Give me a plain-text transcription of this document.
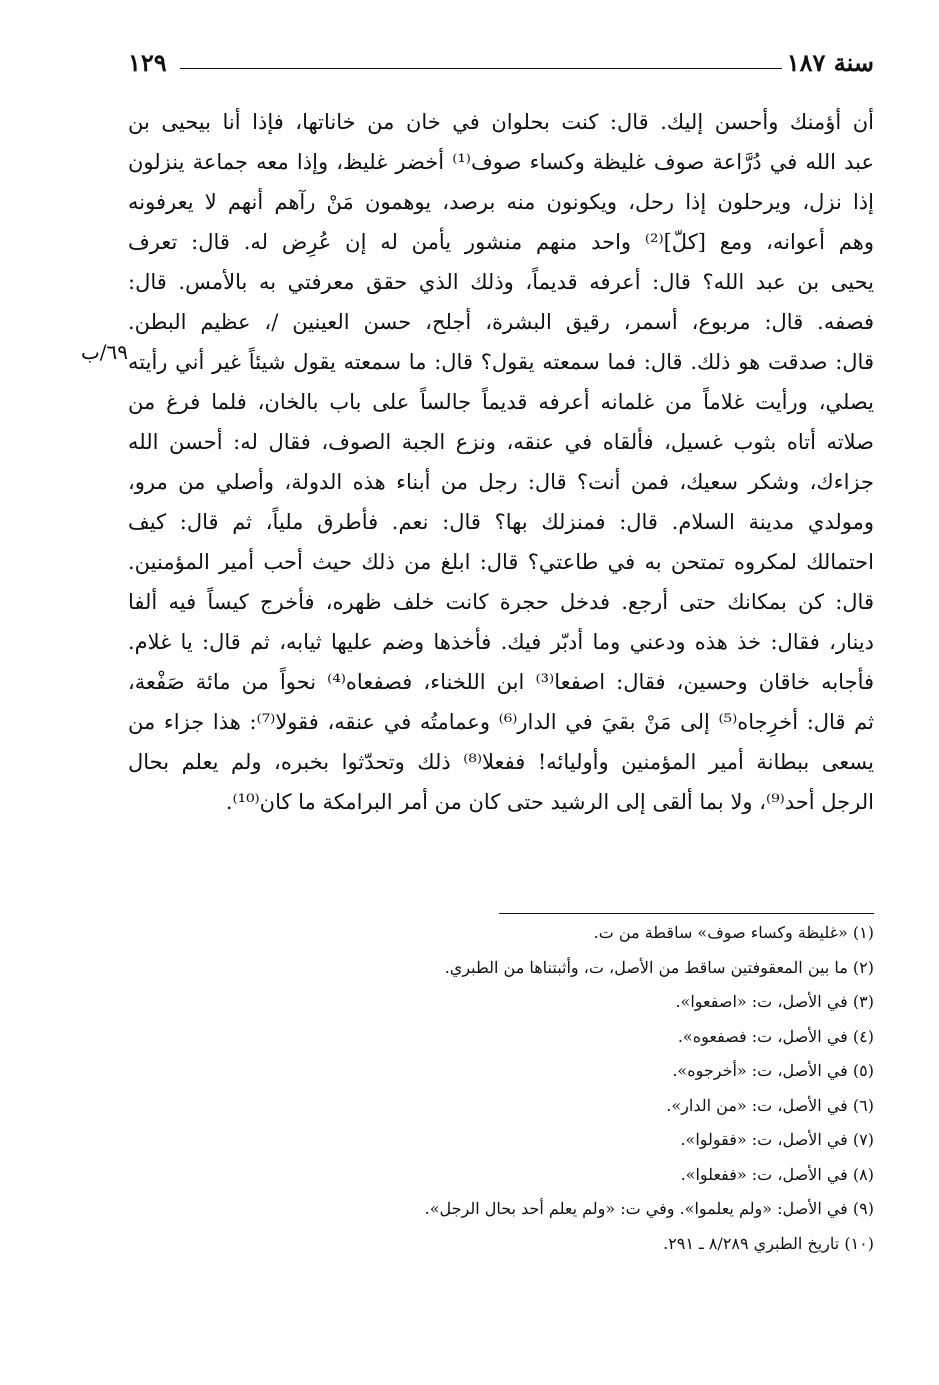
سنة ١٨٧
١٢٩
٦٩/ب
أن أؤمنك وأحسن إليك. قال: كنت بحلوان في خان من خاناتها، فإذا أنا بيحيى بن
عبد الله في دُرَّاعة صوف غليظة وكساء صوف⁽¹⁾ أخضر غليظ، وإذا معه جماعة ينزلون
إذا نزل، ويرحلون إذا رحل، ويكونون منه برصد، يوهمون مَنْ رآهم أنهم لا يعرفونه
وهم أعوانه، ومع [كلّ]⁽²⁾ واحد منهم منشور يأمن له إن عُرِض له. قال: تعرف
يحيى بن عبد الله؟ قال: أعرفه قديماً، وذلك الذي حقق معرفتي به بالأمس. قال:
فصفه. قال: مربوع، أسمر، رقيق البشرة، أجلح، حسن العينين /، عظيم البطن.
قال: صدقت هو ذلك. قال: فما سمعته يقول؟ قال: ما سمعته يقول شيئاً غير أني رأيته
يصلي، ورأيت غلاماً من غلمانه أعرفه قديماً جالساً على باب بالخان، فلما فرغ من
صلاته أتاه بثوب غسيل، فألقاه في عنقه، ونزع الجبة الصوف، فقال له: أحسن الله
جزاءك، وشكر سعيك، فمن أنت؟ قال: رجل من أبناء هذه الدولة، وأصلي من مرو،
ومولدي مدينة السلام. قال: فمنزلك بها؟ قال: نعم. فأطرق ملياً، ثم قال: كيف
احتمالك لمكروه تمتحن به في طاعتي؟ قال: ابلغ من ذلك حيث أحب أمير المؤمنين.
قال: كن بمكانك حتى أرجع. فدخل حجرة كانت خلف ظهره، فأخرج كيساً فيه ألفا
دينار، فقال: خذ هذه ودعني وما أدبّر فيك. فأخذها وضم عليها ثيابه، ثم قال: يا غلام.
فأجابه خاقان وحسين، فقال: اصفعا⁽³⁾ ابن اللخناء، فصفعاه⁽⁴⁾ نحواً من مائة صَفْعة،
ثم قال: أخرِجاه⁽⁵⁾ إلى مَنْ بقيَ في الدار⁽⁶⁾ وعمامتُه في عنقه، فقولا⁽⁷⁾: هذا جزاء من
يسعى ببطانة أمير المؤمنين وأوليائه! ففعلا⁽⁸⁾ ذلك وتحدّثوا بخبره، ولم يعلم بحال
الرجل أحد⁽⁹⁾، ولا بما ألقى إلى الرشيد حتى كان من أمر البرامكة ما كان⁽¹⁰⁾.
(١) «غليظة وكساء صوف» ساقطة من ت.
(٢) ما بين المعقوفتين ساقط من الأصل، ت، وأثبتناها من الطبري.
(٣) في الأصل، ت: «اصفعوا».
(٤) في الأصل، ت: فصفعوه».
(٥) في الأصل، ت: «أخرجوه».
(٦) في الأصل، ت: «من الدار».
(٧) في الأصل، ت: «فقولوا».
(٨) في الأصل، ت: «ففعلوا».
(٩) في الأصل: «ولم يعلموا». وفي ت: «ولم يعلم أحد بحال الرجل».
(١٠) تاريخ الطبري ٨/٢٨٩ ـ ٢٩١.
